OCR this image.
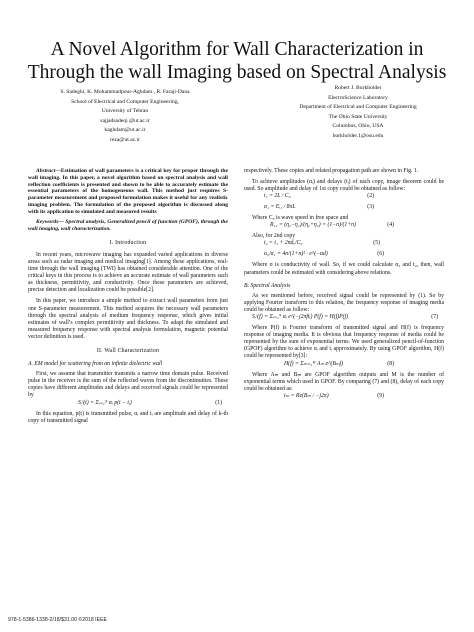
A Novel Algorithm for Wall Characterization in
Through the wall Imaging based on Spectral Analysis
S. Sadeghi, K. Mohammadpour-Aghdam , R. Faraji-Dana
School of Electrical and Computer Engineering,
University of Tehran
sajjadsadeqi @ut.ac.ir
kaghdam@ut.ac.ir
reza@ut.ac.ir
Robert J. Burkholder
ElectroScience Laboratory
Department of Electrical and Computer Engineering
The Ohio State University
Columbus, Ohio, USA
burkholder.1@osu.edu

Abstract—Estimation of wall parameters is a critical key for proper through the wall imaging. In this paper, a novel algorithm based on spectral analysis and wall reflection coefficients is presented and shown to be able to accurately estimate the essential parameters of the homogeneous wall. This method just requires S-parameter measurement and proposed formulation makes it useful for any realistic imaging problem. The formulation of the proposed algorithm is discussed along with its application to simulated and measured results

Keywords— Spectral analysis, Generalized pencil of function (GPOF), through the wall imaging, wall characterization.

I. Introduction

In recent years, microwave imaging has expanded varied applications in diverse areas such as radar imaging and medical imaging[1]. Among these applications, real-time through the wall imaging (TWI) has obtained considerable attention. One of the critical keys in this process is to achieve an accurate estimate of wall parameters such as thickness, permittivity, and conductivity. Once these parameters are achieved, precise detection and localization could be possible[2].

In this paper, we introduce a simple method to extract wall parameters from just one S-parameter measurement. This method acquires the necessary wall parameters through the spectral analysis of medium frequency response, which gives initial estimates of wall’s complex permittivity and thickness. To adapt the simulated and measured frequency response with spectral analysis formulation, magnetic potential vector definition is used.

II. Wall Characterization
A. EM model for scattering from an infinite dielectric wall

First, we assume that transmitter transmits a narrow time domain pulse. Received pulse in the receiver is the sum of the reflected waves from the discontinuities. These copies have different amplitudes and delays and received signals could be represented by

Sᵣᵗ(t) = Σᵢ₌₁ᴺ αᵢ p(t − tᵢ)	(1)

In this equation, p(t) is transmitted pulse, αᵢ and tᵢ are amplitude and delay of k-th copy of transmitted signal

respectively. These copies and related propagation path are shown in Fig. 1.

To achieve amplitudes (αᵢ) and delays (tᵢ) of each copy, image theorem could be used. So amplitude and delay of 1st copy could be obtained as follow:

t₁ = 2L / C₀	(2)
α₁ = Eᵢ₁ / 8πL	(3)

Where C₀ is wave speed in free space and

R₁₂ = (η₂−η₁)/(η₂+η₁) = (1−n)/(1+n)	(4)

Also, for 2nd copy

t₂ = t₁ + 2ndᵤ/C₀	(5)
α₂/α₁ = 4n/(1+n)² · e^(−αd)	(6)

Where σ is conductivity of wall. So, if we could calculate α₂ and t₂, then, wall parameters could be estimated with considering above relations.

B. Spectral Analysis

As we mentioned before, received signal could be represented by (1). So by applying Fourier transform to this relation, the frequency response of imaging media could be obtained as follow:

Sᵣᵗ(f) = Σᵢ₌₁ᴺ αᵢ e^(−j2πftᵢ) P(f) = H(f)P(f)	(7)

Where P(f) is Fourier transform of transmitted signal and H(f) is frequency response of imaging media. It is obvious that frequency response of media could be represented by the sum of exponential terms. We used generalized pencil-of-function (GPOF) algorithm to achieve αᵢ and tᵢ approximately. By using GPOF algorithm, H(f) could be represented by[3]:

H(f) = Σₘ₌₁ᴹ Aₘ e^(Bₘf)	(8)

Where Aₘ and Bₘ are GPOF algorithm outputs and M is the number of exponential terms which used in GPOF. By comparing (7) and (8), delay of each copy could be obtained as:

tₘ = Re(Bₘ / −j2π)	(9)
978-1-5386-1338-2/18/$31.00 ©2018 IEEE
